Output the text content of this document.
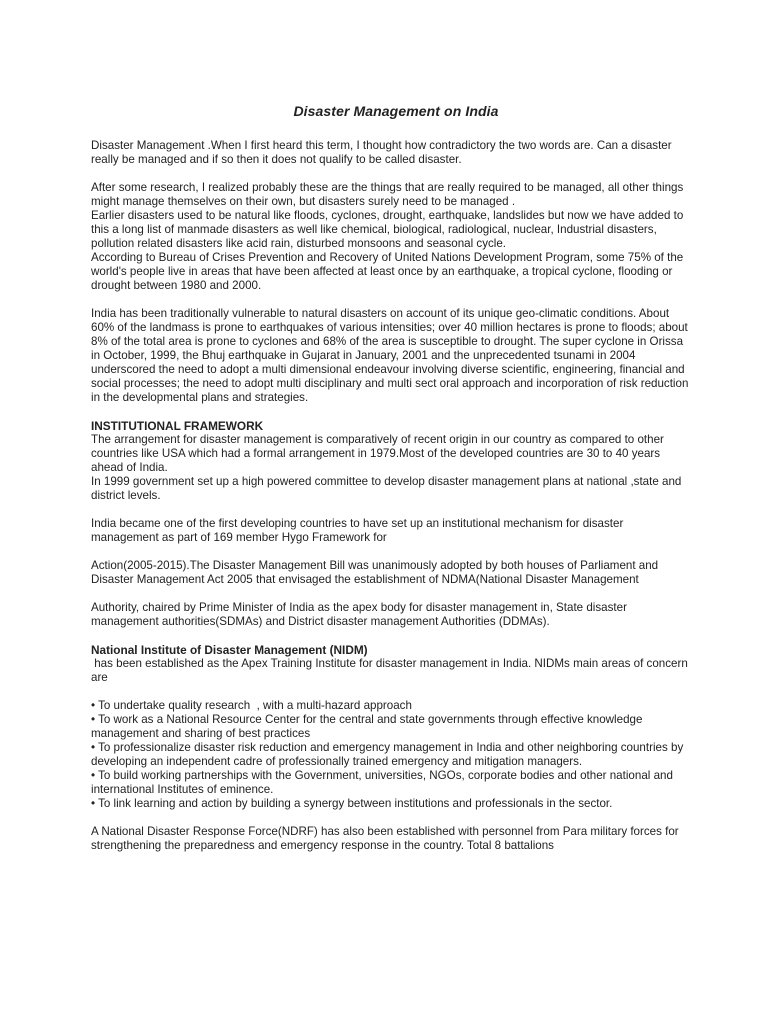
Disaster Management on India

Disaster Management .When I first heard this term, I thought how contradictory the two words are. Can a disaster really be managed and if so then it does not qualify to be called disaster.

After some research, I realized probably these are the things that are really required to be managed, all other things might manage themselves on their own, but disasters surely need to be managed .

Earlier disasters used to be natural like floods, cyclones, drought, earthquake, landslides but now we have added to this a long list of manmade disasters as well like chemical, biological, radiological, nuclear, Industrial disasters, pollution related disasters like acid rain, disturbed monsoons and seasonal cycle.

According to Bureau of Crises Prevention and Recovery of United Nations Development Program, some 75% of the world's people live in areas that have been affected at least once by an earthquake, a tropical cyclone, flooding or drought between 1980 and 2000.

India has been traditionally vulnerable to natural disasters on account of its unique geo-climatic conditions. About 60% of the landmass is prone to earthquakes of various intensities; over 40 million hectares is prone to floods; about 8% of the total area is prone to cyclones and 68% of the area is susceptible to drought. The super cyclone in Orissa in October, 1999, the Bhuj earthquake in Gujarat in January, 2001 and the unprecedented tsunami in 2004 underscored the need to adopt a multi dimensional endeavour involving diverse scientific, engineering, financial and social processes; the need to adopt multi disciplinary and multi sect oral approach and incorporation of risk reduction in the developmental plans and strategies.

INSTITUTIONAL FRAMEWORK

The arrangement for disaster management is comparatively of recent origin in our country as compared to other countries like USA which had a formal arrangement in 1979.Most of the developed countries are 30 to 40 years ahead of India.

In 1999 government set up a high powered committee to develop disaster management plans at national ,state and district levels.

India became one of the first developing countries to have set up an institutional mechanism for disaster management as part of 169 member Hygo Framework for

Action(2005-2015).The Disaster Management Bill was unanimously adopted by both houses of Parliament and Disaster Management Act 2005 that envisaged the establishment of NDMA(National Disaster Management

Authority, chaired by Prime Minister of India as the apex body for disaster management in, State disaster management authorities(SDMAs) and District disaster management Authorities (DDMAs).

National Institute of Disaster Management (NIDM)

has been established as the Apex Training Institute for disaster management in India. NIDMs main areas of concern are

• To undertake quality research  , with a multi-hazard approach
• To work as a National Resource Center for the central and state governments through effective knowledge management and sharing of best practices
• To professionalize disaster risk reduction and emergency management in India and other neighboring countries by developing an independent cadre of professionally trained emergency and mitigation managers.
• To build working partnerships with the Government, universities, NGOs, corporate bodies and other national and international Institutes of eminence.
• To link learning and action by building a synergy between institutions and professionals in the sector.

A National Disaster Response Force(NDRF) has also been established with personnel from Para military forces for strengthening the preparedness and emergency response in the country. Total 8 battalions
